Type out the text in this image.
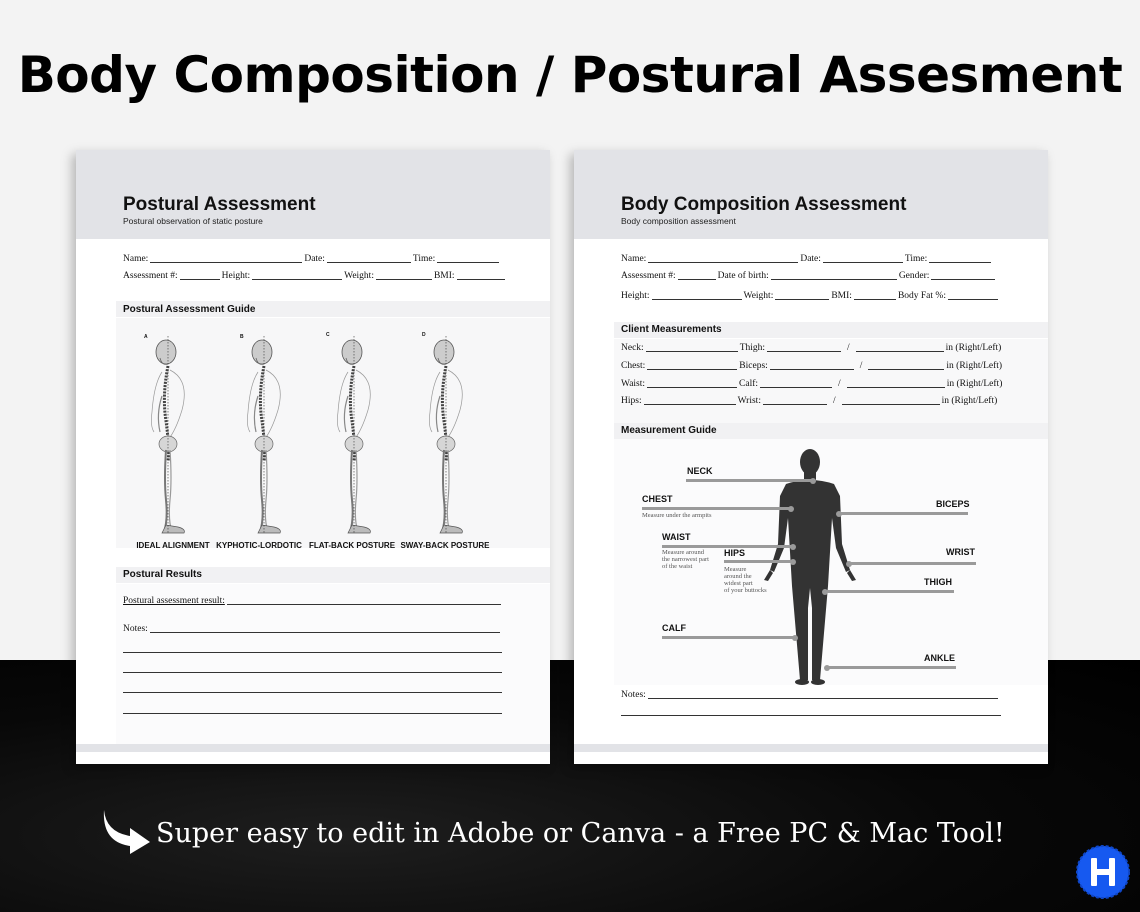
Body Composition / Postural Assesment
Postural Assessment
Postural observation of static posture
Name:	Date:	Time:
Assessment #:	Height:	Weight:	BMI:
Postural Assessment Guide
A	B	C	D
IDEAL ALIGNMENT KYPHOTIC-LORDOTIC FLAT-BACK POSTURE SWAY-BACK POSTURE
Postural Results
Postural assessment result:
Notes:
Body Composition Assessment
Body composition assessment
Name:	Date:	Time:
Assessment #:	Date of birth:	Gender:
Height:	Weight:	BMI:	Body Fat %:
Client Measurements
Neck:	Thigh:	/	in (Right/Left)
Chest:	Biceps:	/	in (Right/Left)
Waist:	Calf:	/	in (Right/Left)
Hips:	Wrist:	/	in (Right/Left)
Measurement Guide
NECK
CHEST
Measure under the armpits
WAIST
Measure around
the narrowest part
of the waist
HIPS
Measure
around the
widest part
of your buttocks
CALF
BICEPS
WRIST
THIGH
ANKLE
Notes:
Super easy to edit in Adobe or Canva - a Free PC & Mac Tool!
